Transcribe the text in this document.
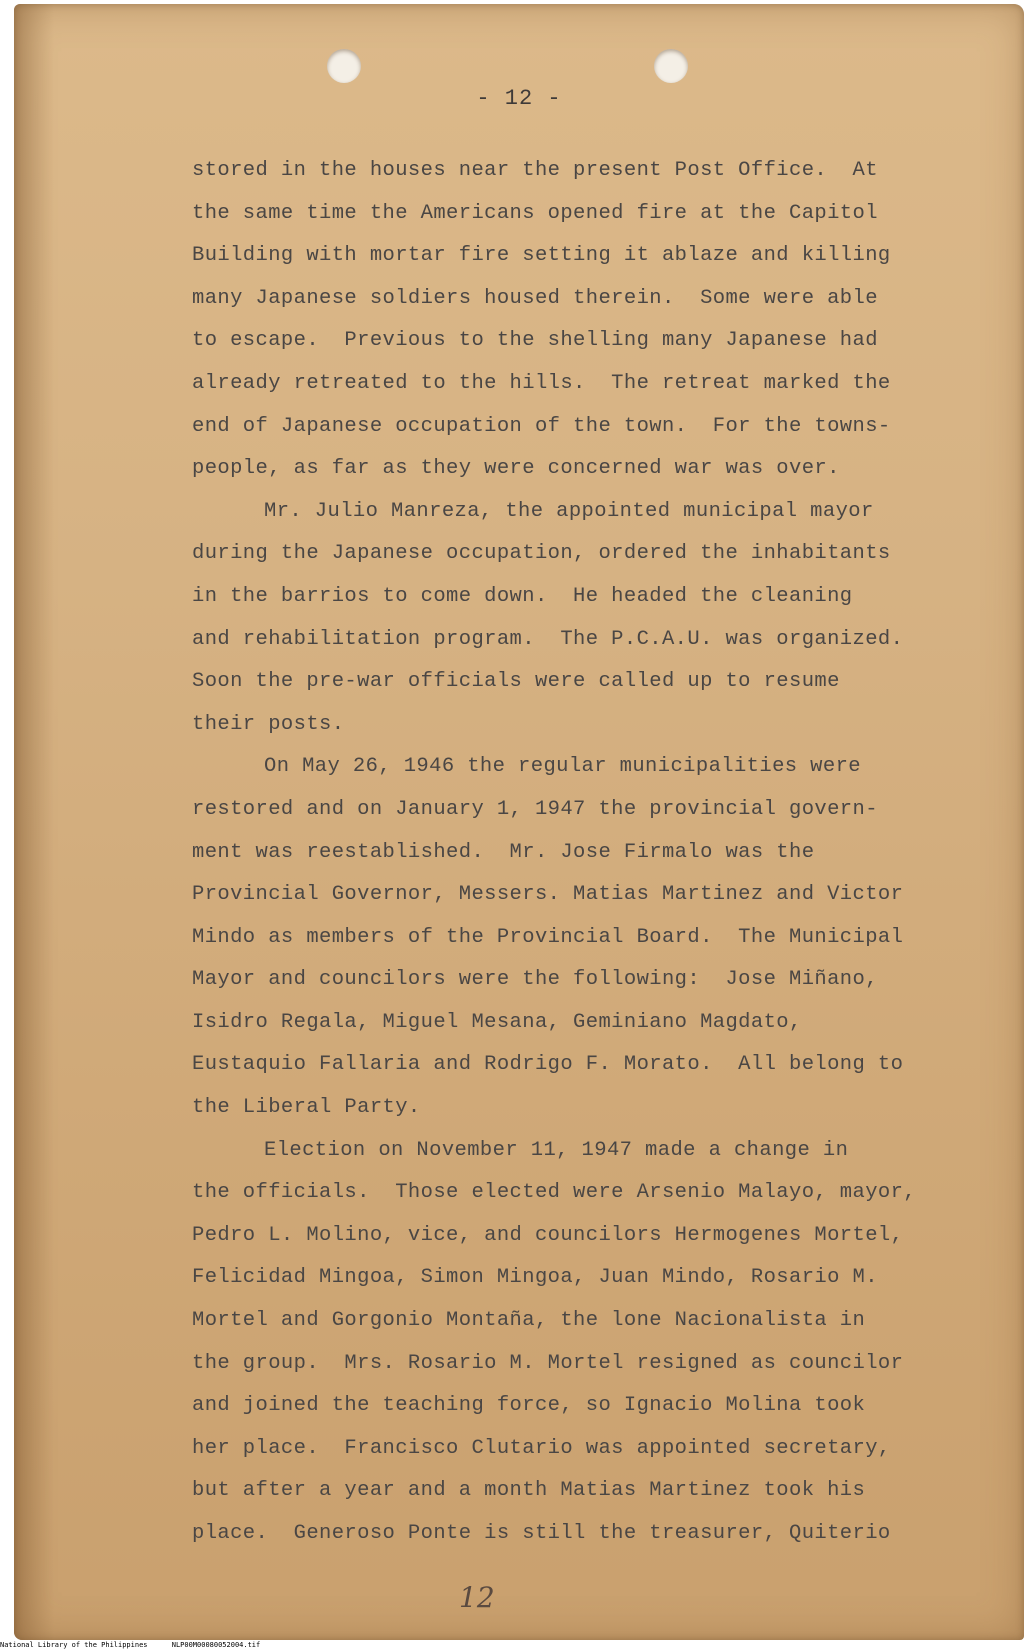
- 12 -
stored in the houses near the present Post Office.  At
the same time the Americans opened fire at the Capitol
Building with mortar fire setting it ablaze and killing
many Japanese soldiers housed therein.  Some were able
to escape.  Previous to the shelling many Japanese had
already retreated to the hills.  The retreat marked the
end of Japanese occupation of the town.  For the towns-
people, as far as they were concerned war was over.
Mr. Julio Manreza, the appointed municipal mayor
during the Japanese occupation, ordered the inhabitants
in the barrios to come down.  He headed the cleaning
and rehabilitation program.  The P.C.A.U. was organized.
Soon the pre-war officials were called up to resume
their posts.
On May 26, 1946 the regular municipalities were
restored and on January 1, 1947 the provincial govern-
ment was reestablished.  Mr. Jose Firmalo was the
Provincial Governor, Messers. Matias Martinez and Victor
Mindo as members of the Provincial Board.  The Municipal
Mayor and councilors were the following:  Jose Miñano,
Isidro Regala, Miguel Mesana, Geminiano Magdato,
Eustaquio Fallaria and Rodrigo F. Morato.  All belong to
the Liberal Party.
Election on November 11, 1947 made a change in
the officials.  Those elected were Arsenio Malayo, mayor,
Pedro L. Molino, vice, and councilors Hermogenes Mortel,
Felicidad Mingoa, Simon Mingoa, Juan Mindo, Rosario M.
Mortel and Gorgonio Montaña, the lone Nacionalista in
the group.  Mrs. Rosario M. Mortel resigned as councilor
and joined the teaching force, so Ignacio Molina took
her place.  Francisco Clutario was appointed secretary,
but after a year and a month Matias Martinez took his
place.  Generoso Ponte is still the treasurer, Quiterio
12
National Library of the Philippines	NLP00M00080052004.tif
